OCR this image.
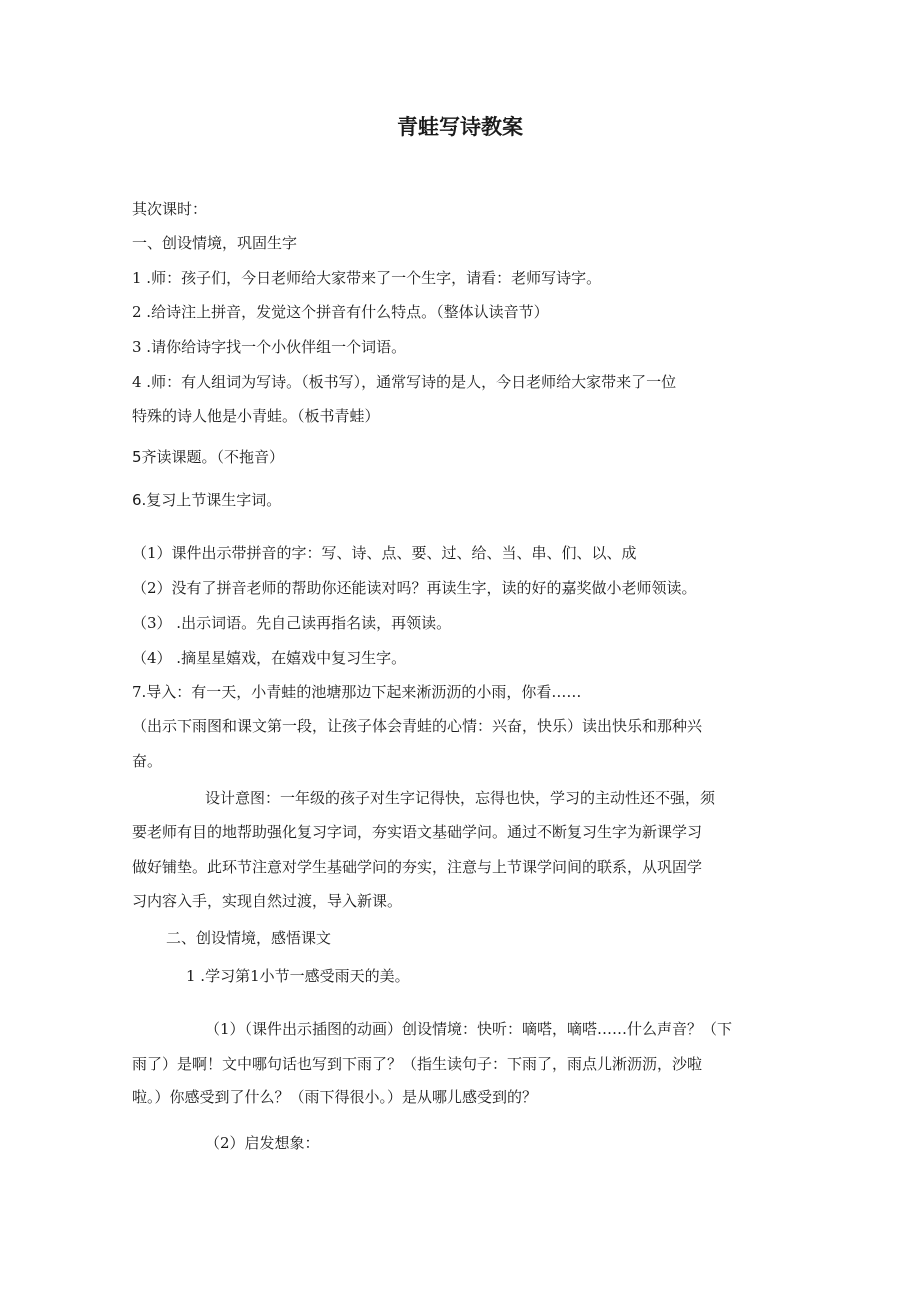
青蛙写诗教案

其次课时：

一、创设情境，巩固生字

1 .师：孩子们，今日老师给大家带来了一个生字，请看：老师写诗字。

2 .给诗注上拼音，发觉这个拼音有什么特点。（整体认读音节）

3 .请你给诗字找一个小伙伴组一个词语。

4 .师：有人组词为写诗。（板书写），通常写诗的是人，今日老师给大家带来了一位

特殊的诗人他是小青蛙。（板书青蛙）

5齐读课题。（不拖音）

6.复习上节课生字词。

（1）课件出示带拼音的字：写、诗、点、要、过、给、当、串、们、以、成

（2）没有了拼音老师的帮助你还能读对吗？再读生字，读的好的嘉奖做小老师领读。

（3） .出示词语。先自己读再指名读，再领读。

（4） .摘星星嬉戏，在嬉戏中复习生字。

7.导入：有一天，小青蛙的池塘那边下起来淅沥沥的小雨，你看……

（出示下雨图和课文第一段，让孩子体会青蛙的心情：兴奋，快乐）读出快乐和那种兴

奋。

设计意图：一年级的孩子对生字记得快，忘得也快，学习的主动性还不强，须

要老师有目的地帮助强化复习字词，夯实语文基础学问。通过不断复习生字为新课学习

做好铺垫。此环节注意对学生基础学问的夯实，注意与上节课学问间的联系，从巩固学

习内容入手，实现自然过渡，导入新课。

二、创设情境，感悟课文

1 .学习第1小节一感受雨天的美。

（1）（课件出示插图的动画）创设情境：快听：嘀嗒，嘀嗒……什么声音？（下

雨了）是啊！文中哪句话也写到下雨了？（指生读句子：下雨了，雨点儿淅沥沥，沙啦

啦。）你感受到了什么？（雨下得很小。）是从哪儿感受到的？

（2）启发想象：
